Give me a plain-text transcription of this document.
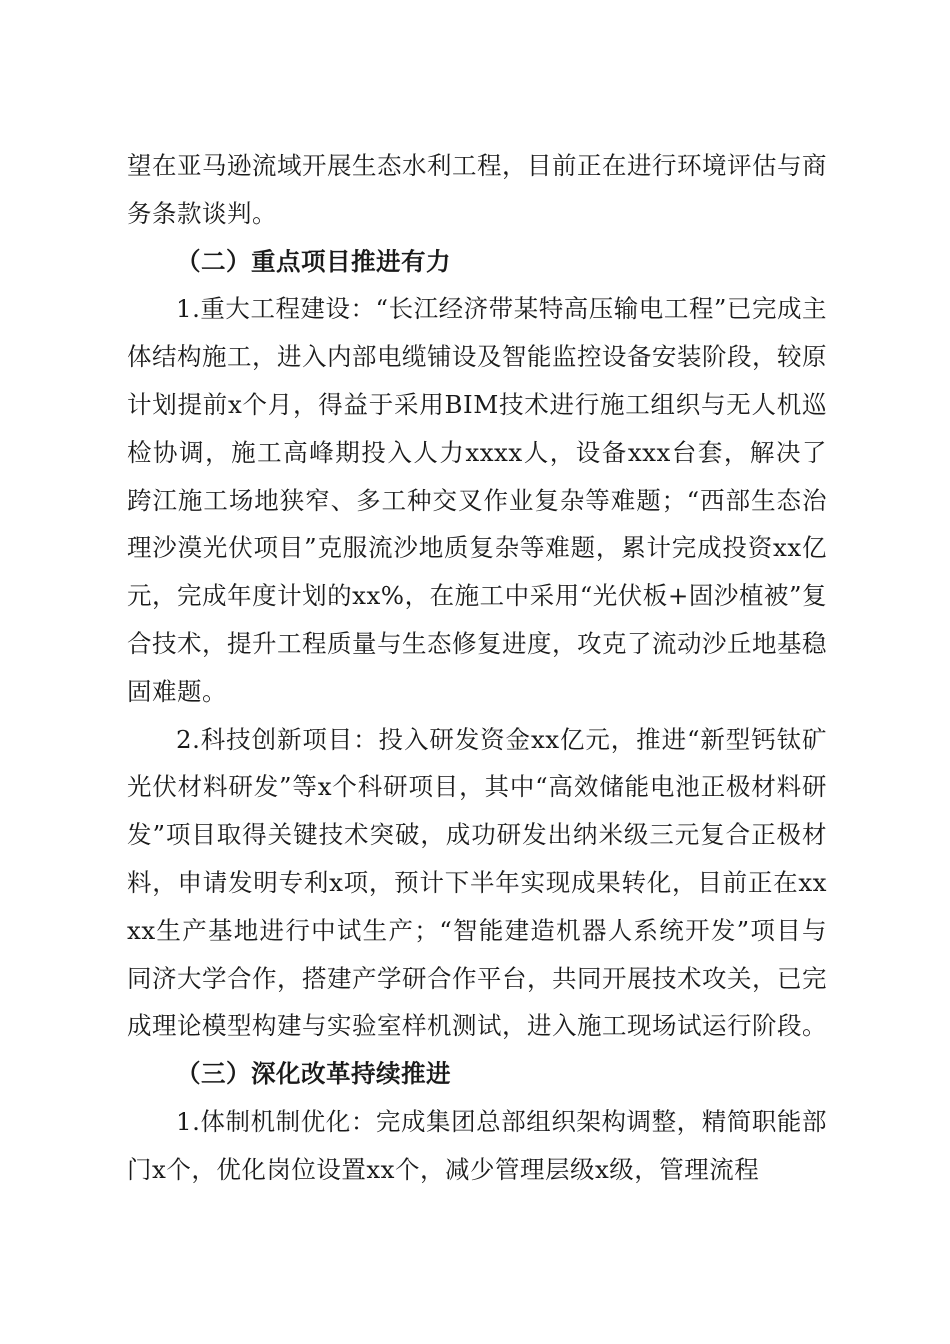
望在亚马逊流域开展生态水利工程，目前正在进行环境评估与商务条款谈判。

（二）重点项目推进有力

1.重大工程建设：“长江经济带某特高压输电工程”已完成主体结构施工，进入内部电缆铺设及智能监控设备安装阶段，较原计划提前x个月，得益于采用BIM技术进行施工组织与无人机巡检协调，施工高峰期投入人力xxxx人，设备xxx台套，解决了跨江施工场地狭窄、多工种交叉作业复杂等难题；“西部生态治理沙漠光伏项目”克服流沙地质复杂等难题，累计完成投资xx亿元，完成年度计划的xx%，在施工中采用“光伏板+固沙植被”复合技术，提升工程质量与生态修复进度，攻克了流动沙丘地基稳固难题。

2.科技创新项目：投入研发资金xx亿元，推进“新型钙钛矿光伏材料研发”等x个科研项目，其中“高效储能电池正极材料研发”项目取得关键技术突破，成功研发出纳米级三元复合正极材料，申请发明专利x项，预计下半年实现成果转化，目前正在xxxx生产基地进行中试生产；“智能建造机器人系统开发”项目与同济大学合作，搭建产学研合作平台，共同开展技术攻关，已完成理论模型构建与实验室样机测试，进入施工现场试运行阶段。

（三）深化改革持续推进

1.体制机制优化：完成集团总部组织架构调整，精简职能部门x个，优化岗位设置xx个，减少管理层级x级，管理流程
